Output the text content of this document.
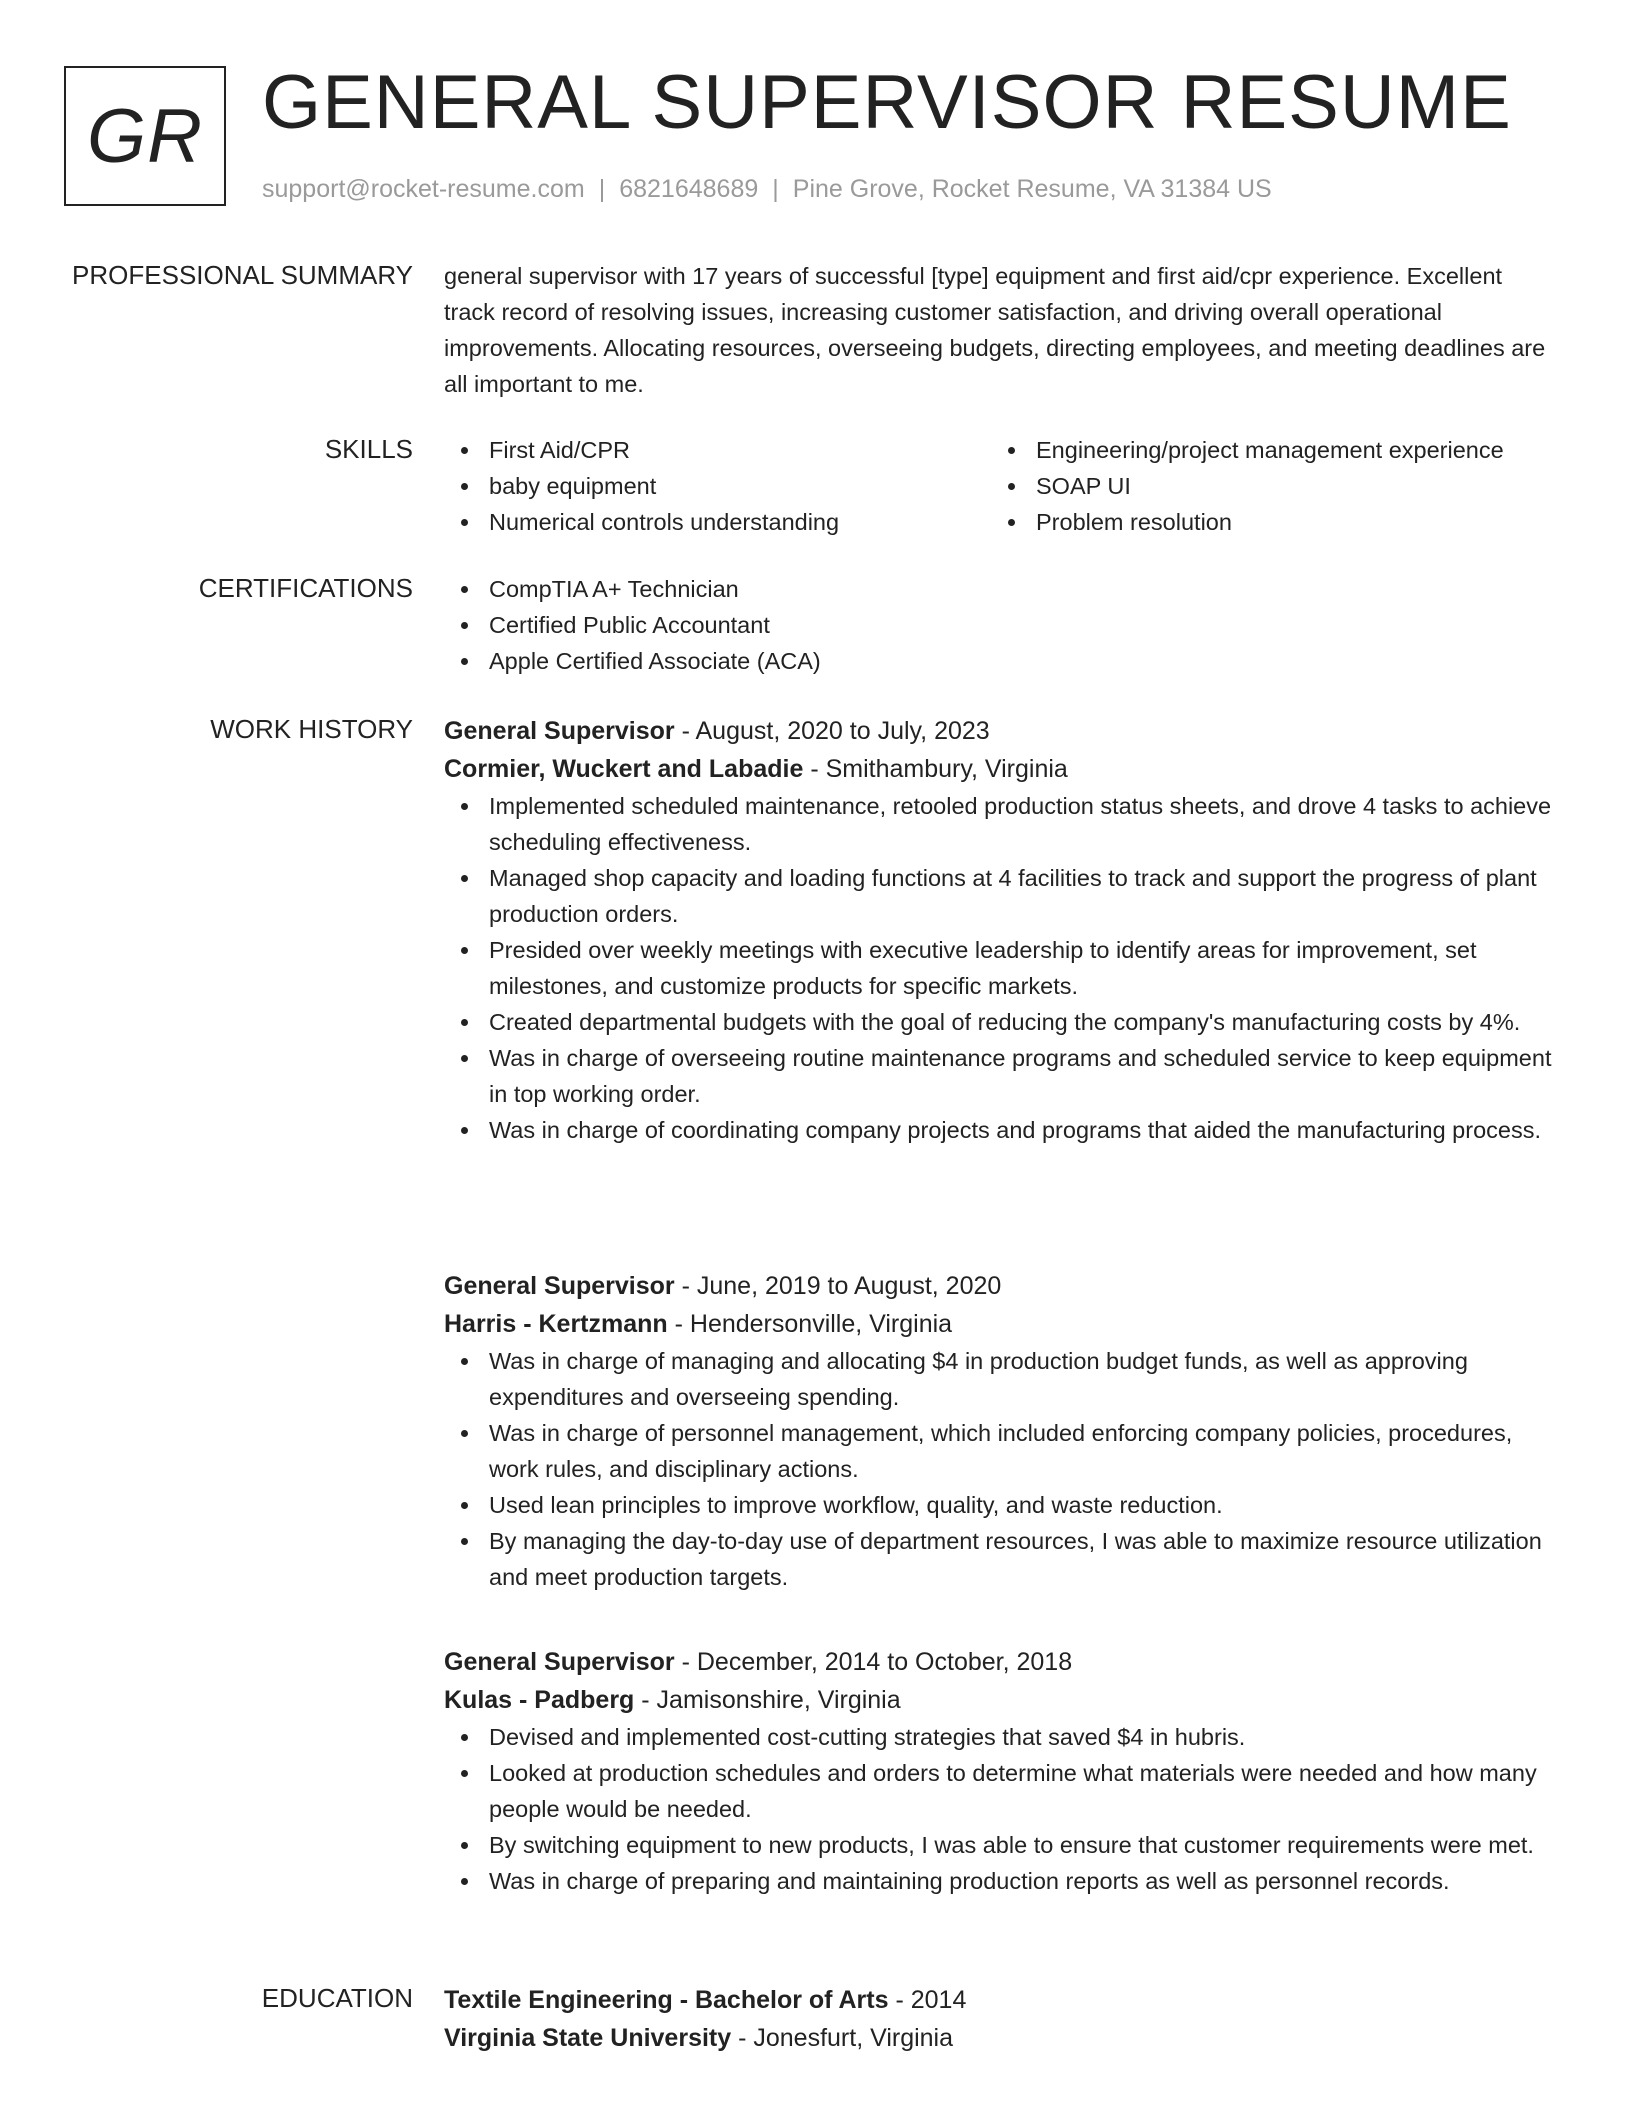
GR GENERAL SUPERVISOR RESUME
support@rocket-resume.com | 6821648689 | Pine Grove, Rocket Resume, VA 31384 US
PROFESSIONAL SUMMARY general supervisor with 17 years of successful [type] equipment and first aid/cpr experience. Excellent track record of resolving issues, increasing customer satisfaction, and driving overall operational improvements. Allocating resources, overseeing budgets, directing employees, and meeting deadlines are all important to me.

SKILLS	First Aid/CPR
baby equipment
Numerical controls understanding
Engineering/project management experience
SOAP UI
Problem resolution
CERTIFICATIONS	CompTIA A+ Technician
Certified Public Accountant
Apple Certified Associate (ACA)
WORK HISTORY General Supervisor - August, 2020 to July, 2023
Cormier, Wuckert and Labadie - Smithambury, Virginia
Implemented scheduled maintenance, retooled production status sheets, and drove 4 tasks to achieve scheduling effectiveness.
Managed shop capacity and loading functions at 4 facilities to track and support the progress of plant production orders.
Presided over weekly meetings with executive leadership to identify areas for improvement, set milestones, and customize products for specific markets.
Created departmental budgets with the goal of reducing the company's manufacturing costs by 4%.
Was in charge of overseeing routine maintenance programs and scheduled service to keep equipment in top working order.
Was in charge of coordinating company projects and programs that aided the manufacturing process.
General Supervisor - June, 2019 to August, 2020
Harris - Kertzmann - Hendersonville, Virginia
Was in charge of managing and allocating $4 in production budget funds, as well as approving expenditures and overseeing spending.
Was in charge of personnel management, which included enforcing company policies, procedures, work rules, and disciplinary actions.
Used lean principles to improve workflow, quality, and waste reduction.
By managing the day-to-day use of department resources, I was able to maximize resource utilization and meet production targets.
General Supervisor - December, 2014 to October, 2018
Kulas - Padberg - Jamisonshire, Virginia
Devised and implemented cost-cutting strategies that saved $4 in hubris.
Looked at production schedules and orders to determine what materials were needed and how many people would be needed.
By switching equipment to new products, I was able to ensure that customer requirements were met.
Was in charge of preparing and maintaining production reports as well as personnel records.
EDUCATION Textile Engineering - Bachelor of Arts - 2014
Virginia State University - Jonesfurt, Virginia
